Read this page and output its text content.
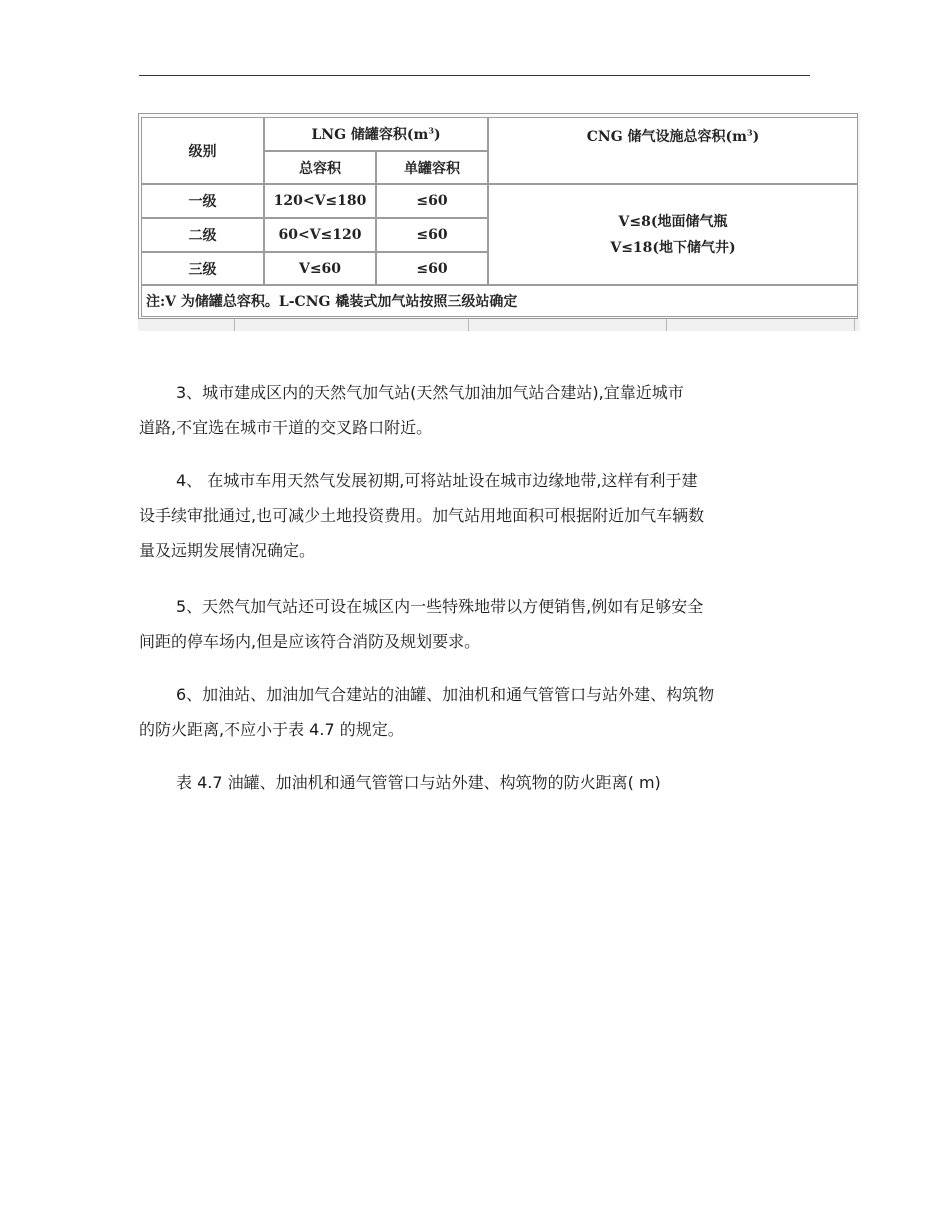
级别
LNG 储罐容积$(m^3)$
总容积	单罐容积
CNG 储气设施总容积$(m^3)$
一级	120<V≤180	≤60
二级	60<V≤120	≤60
三级	V≤60	≤60
V≤8(地面储气瓶
V≤18(地下储气井)
注:V 为储罐总容积。L-CNG 橇装式加气站按照三级站确定

3、城市建成区内的天然气加气站(天然气加油加气站合建站),宜靠近城市
道路,不宜选在城市干道的交叉路口附近。

4、 在城市车用天然气发展初期,可将站址设在城市边缘地带,这样有利于建
设手续审批通过,也可减少土地投资费用。加气站用地面积可根据附近加气车辆数
量及远期发展情况确定。

5、天然气加气站还可设在城区内一些特殊地带以方便销售,例如有足够安全
间距的停车场内,但是应该符合消防及规划要求。

6、加油站、加油加气合建站的油罐、加油机和通气管管口与站外建、构筑物
的防火距离,不应小于表 4.7 的规定。

表 4.7 油罐、加油机和通气管管口与站外建、构筑物的防火距离( m)
